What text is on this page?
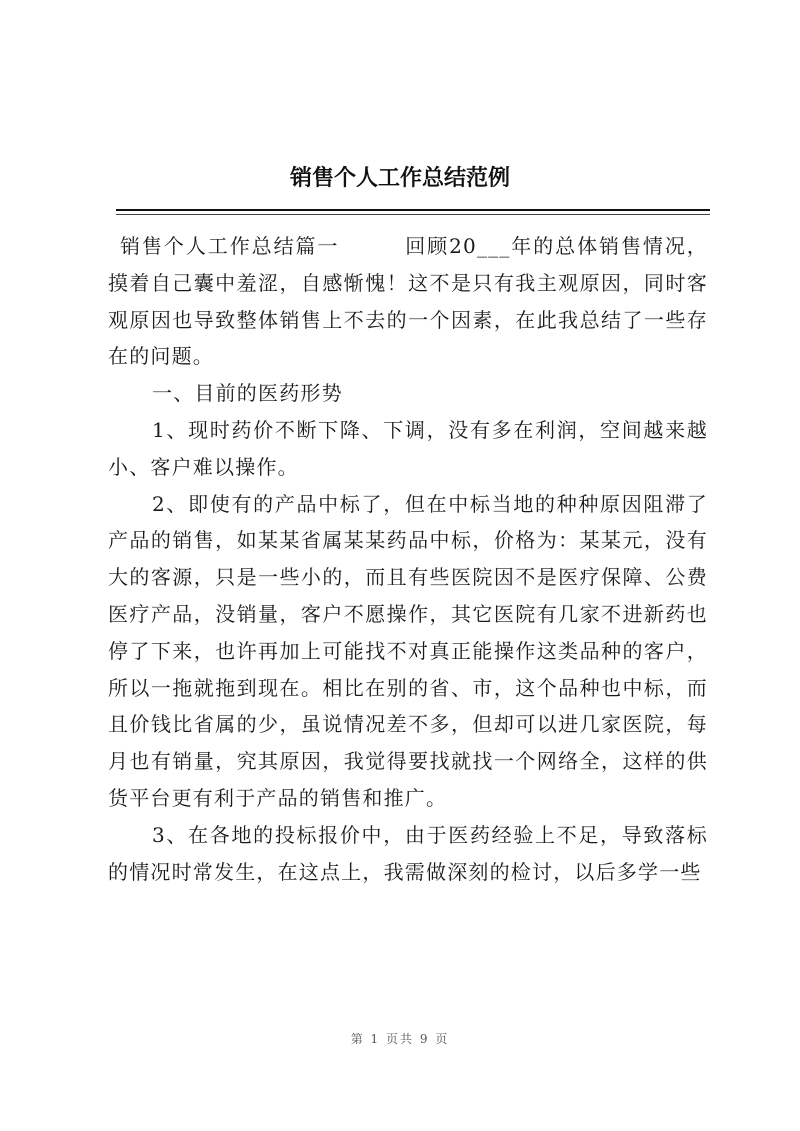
销售个人工作总结范例

销售个人工作总结篇一　　　回顾20___年的总体销售情况，摸着自己囊中羞涩，自感惭愧！这不是只有我主观原因，同时客观原因也导致整体销售上不去的一个因素，在此我总结了一些存在的问题。

一、目前的医药形势

1、现时药价不断下降、下调，没有多在利润，空间越来越小、客户难以操作。

2、即使有的产品中标了，但在中标当地的种种原因阻滞了产品的销售，如某某省属某某药品中标，价格为：某某元，没有大的客源，只是一些小的，而且有些医院因不是医疗保障、公费医疗产品，没销量，客户不愿操作，其它医院有几家不进新药也停了下来，也许再加上可能找不对真正能操作这类品种的客户，所以一拖就拖到现在。相比在别的省、市，这个品种也中标，而且价钱比省属的少，虽说情况差不多，但却可以进几家医院，每月也有销量，究其原因，我觉得要找就找一个网络全，这样的供货平台更有利于产品的销售和推广。

3、在各地的投标报价中，由于医药经验上不足，导致落标的情况时常发生，在这点上，我需做深刻的检讨，以后多学一些

第 1 页共 9 页
